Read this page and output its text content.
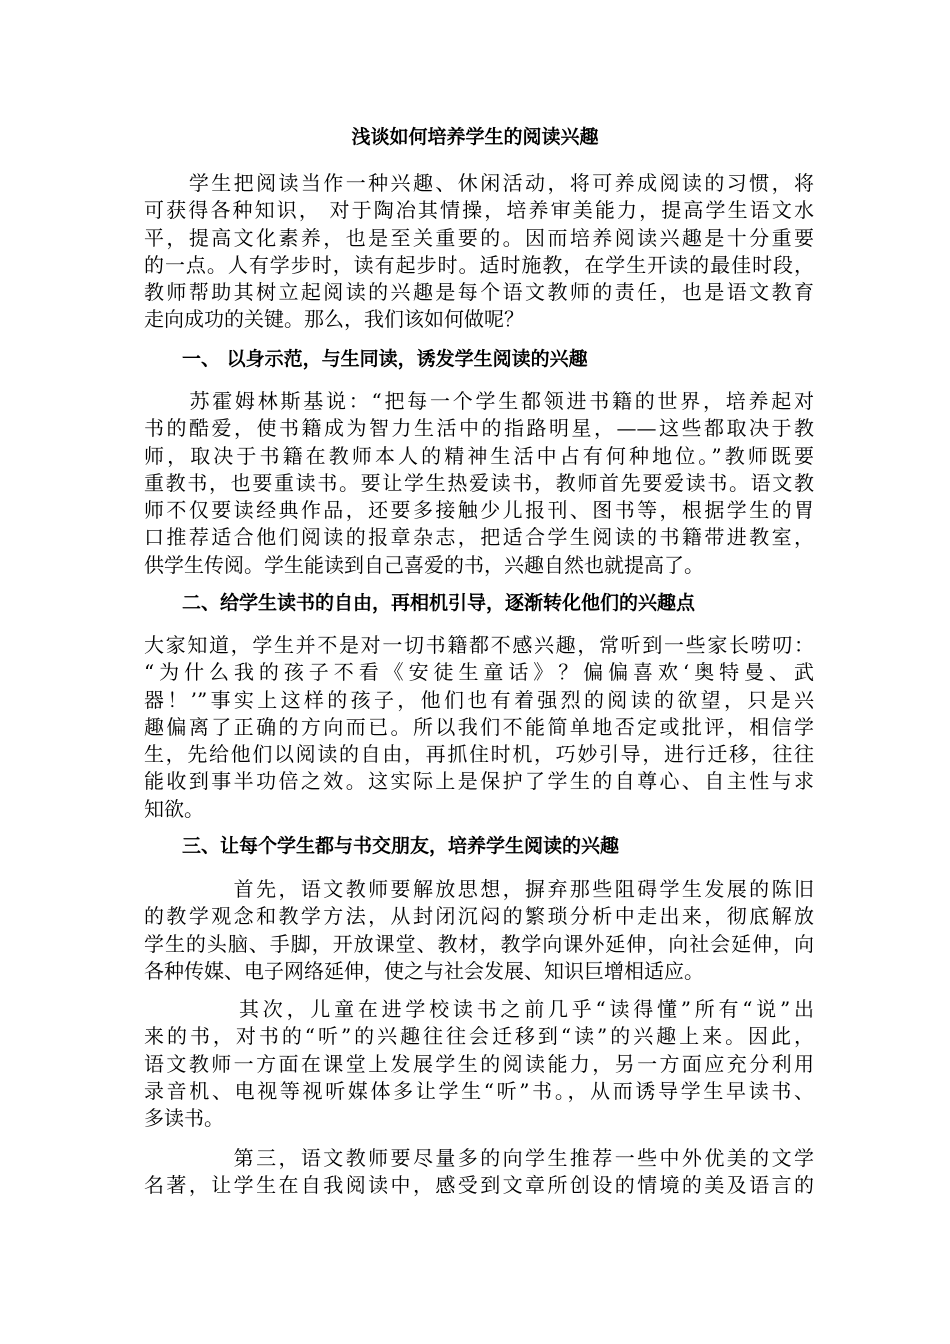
浅谈如何培养学生的阅读兴趣
　　学生把阅读当作一种兴趣、休闲活动，将可养成阅读的习惯，将
可获得各种知识， 对于陶冶其情操，培养审美能力，提高学生语文水
平，提高文化素养，也是至关重要的。因而培养阅读兴趣是十分重要
的一点。人有学步时，读有起步时。适时施教，在学生开读的最佳时段，
教师帮助其树立起阅读的兴趣是每个语文教师的责任，也是语文教育
走向成功的关键。那么，我们该如何做呢？
　　一、 以身示范，与生同读，诱发学生阅读的兴趣
　　苏霍姆林斯基说：“把每一个学生都领进书籍的世界，培养起对
书的酷爱，使书籍成为智力生活中的指路明星，——这些都取决于教
师，取决于书籍在教师本人的精神生活中占有何种地位。”教师既要
重教书，也要重读书。要让学生热爱读书，教师首先要爱读书。语文教
师不仅要读经典作品，还要多接触少儿报刊、图书等，根据学生的胃
口推荐适合他们阅读的报章杂志，把适合学生阅读的书籍带进教室，
供学生传阅。学生能读到自己喜爱的书，兴趣自然也就提高了。
　　二、给学生读书的自由，再相机引导，逐渐转化他们的兴趣点
大家知道，学生并不是对一切书籍都不感兴趣，常听到一些家长唠叨：
“为什么我的孩子不看《安徒生童话》？偏偏喜欢‘奥特曼、武
器！’”事实上这样的孩子，他们也有着强烈的阅读的欲望，只是兴
趣偏离了正确的方向而已。所以我们不能简单地否定或批评，相信学
生，先给他们以阅读的自由，再抓住时机，巧妙引导，进行迁移，往往
能收到事半功倍之效。这实际上是保护了学生的自尊心、自主性与求
知欲。
　　三、让每个学生都与书交朋友，培养学生阅读的兴趣
　　　　首先，语文教师要解放思想，摒弃那些阻碍学生发展的陈旧
的教学观念和教学方法，从封闭沉闷的繁琐分析中走出来，彻底解放
学生的头脑、手脚，开放课堂、教材，教学向课外延伸，向社会延伸，向
各种传媒、电子网络延伸，使之与社会发展、知识巨增相适应。
　　　　其次，儿童在进学校读书之前几乎“读得懂”所有“说”出
来的书，对书的“听”的兴趣往往会迁移到“读”的兴趣上来。因此，
语文教师一方面在课堂上发展学生的阅读能力，另一方面应充分利用
录音机、电视等视听媒体多让学生“听”书。，从而诱导学生早读书、
多读书。
　　　　第三，语文教师要尽量多的向学生推荐一些中外优美的文学
名著，让学生在自我阅读中，感受到文章所创设的情境的美及语言的
